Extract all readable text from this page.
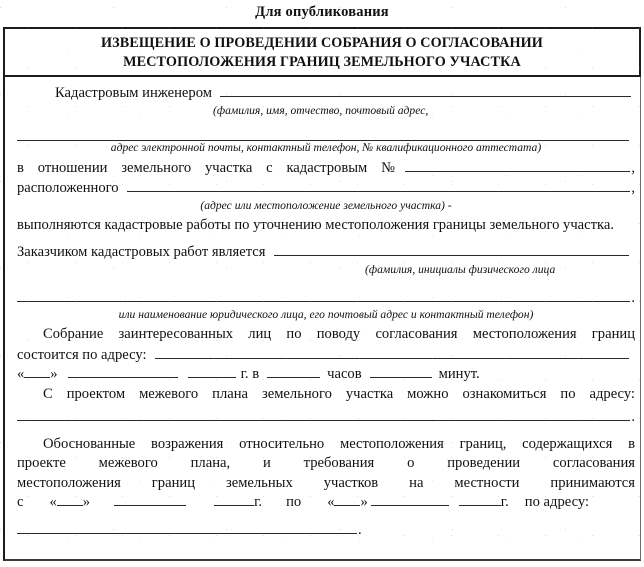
Для опубликования
ИЗВЕЩЕНИЕ О ПРОВЕДЕНИИ СОБРАНИЯ О СОГЛАСОВАНИИ
МЕСТОПОЛОЖЕНИЯ ГРАНИЦ ЗЕМЕЛЬНОГО УЧАСТКА
Кадастровым инженером
(фамилия, имя, отчество, почтовый адрес,
адрес электронной почты, контактный телефон, № квалификационного аттестата)
в отношении земельного участка с кадастровым №	,
расположенного	,
(адрес или местоположение земельного участка) -
выполняются кадастровые работы по уточнению местоположения границы земельного участка.
Заказчиком кадастровых работ является
(фамилия, инициалы физического лица
.
или наименование юридического лица, его почтовый адрес и контактный телефон)
Собрание заинтересованных лиц по поводу согласования местоположения границ
состоится по адресу:
« »	г. в	часов	минут.
С проектом межевого плана земельного участка можно ознакомиться по адресу:
.
Обоснованные возражения относительно местоположения границ, содержащихся в
проекте межевого плана, и требования о проведении согласования
местоположения границ земельных участков на местности принимаются
с « »	г. по « »	г. по адресу:
.
